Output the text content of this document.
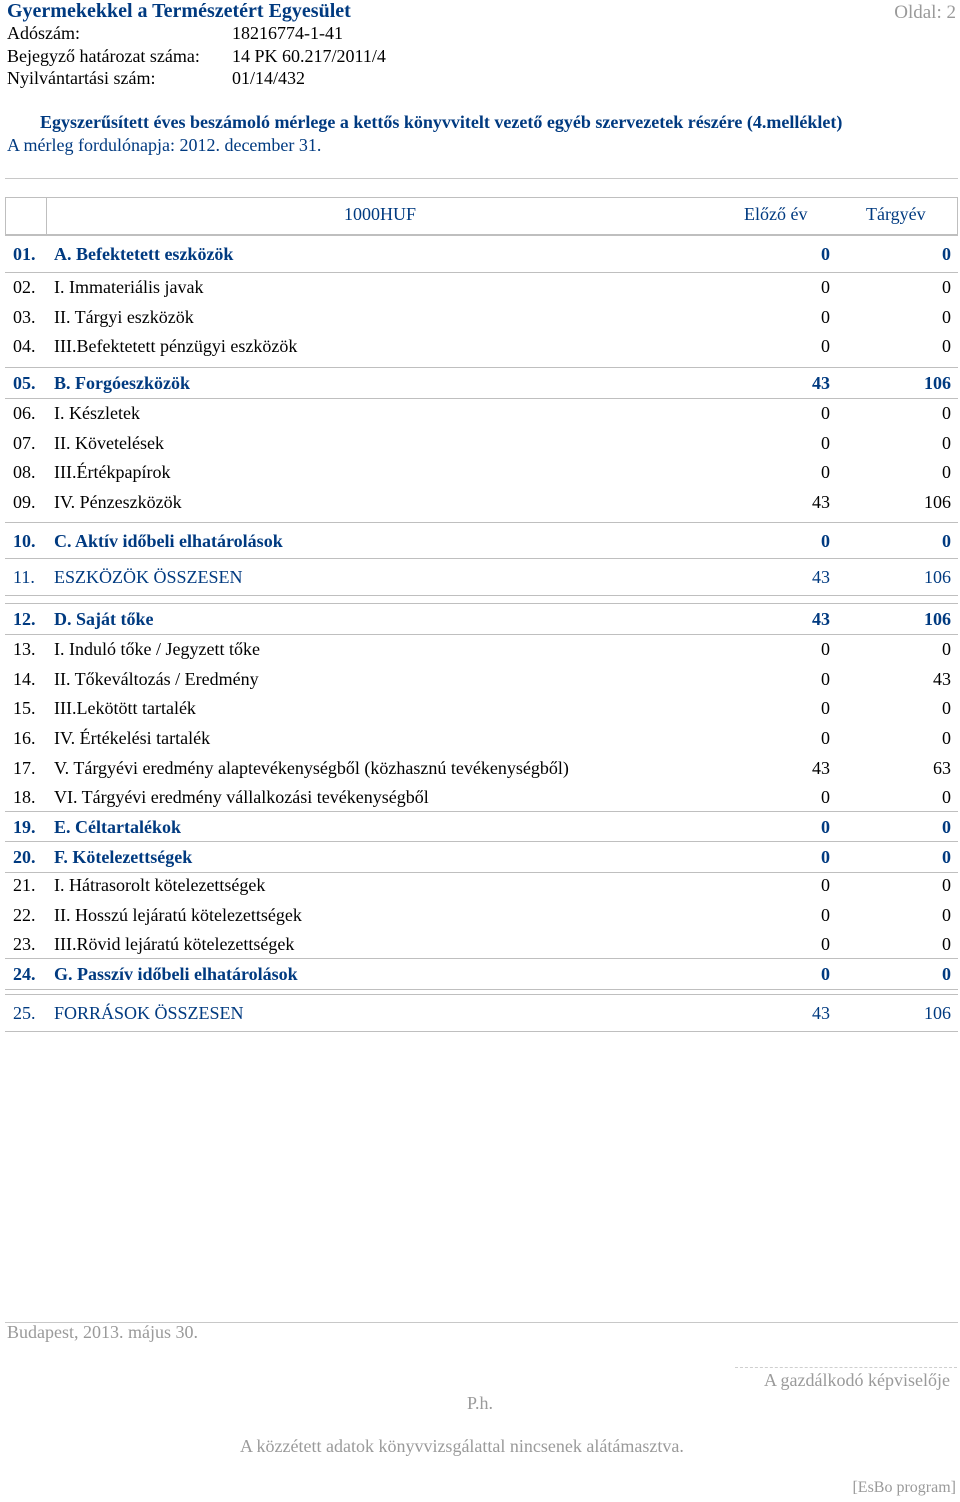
Gyermekekkel a Természetért Egyesület	Oldal: 2
Adószám:	18216774-1-41
Bejegyző határozat száma: 14 PK 60.217/2011/4
Nyilvántartási szám:	01/14/432
Egyszerűsített éves beszámoló mérlege a kettős könyvvitelt vezető egyéb szervezetek részére (4.melléklet)
A mérleg fordulónapja: 2012. december 31.
1000HUF	Előző év	Tárgyév
01. A. Befektetett eszközök	0	0
02. I. Immateriális javak	0	0
03. II. Tárgyi eszközök	0	0
04. III.Befektetett pénzügyi eszközök	0	0
05. B. Forgóeszközök	43	106
06. I. Készletek	0	0
07. II. Követelések	0	0
08. III.Értékpapírok	0	0
09. IV. Pénzeszközök	43	106
10. C. Aktív időbeli elhatárolások	0	0
11. ESZKÖZÖK ÖSSZESEN	43	106
12. D. Saját tőke	43	106
13. I. Induló tőke / Jegyzett tőke	0	0
14. II. Tőkeváltozás / Eredmény	0	43
15. III.Lekötött tartalék	0	0
16. IV. Értékelési tartalék	0	0
17. V. Tárgyévi eredmény alaptevékenységből (közhasznú tevékenységből)	43	63
18. VI. Tárgyévi eredmény vállalkozási tevékenységből	0	0
19. E. Céltartalékok	0	0
20. F. Kötelezettségek	0	0
21. I. Hátrasorolt kötelezettségek	0	0
22. II. Hosszú lejáratú kötelezettségek	0	0
23. III.Rövid lejáratú kötelezettségek	0	0
24. G. Passzív időbeli elhatárolások	0	0
25. FORRÁSOK ÖSSZESEN	43	106
Budapest, 2013. május 30.
A gazdálkodó képviselője
P.h.
A közzétett adatok könyvvizsgálattal nincsenek alátámasztva.
[EsBo program]
